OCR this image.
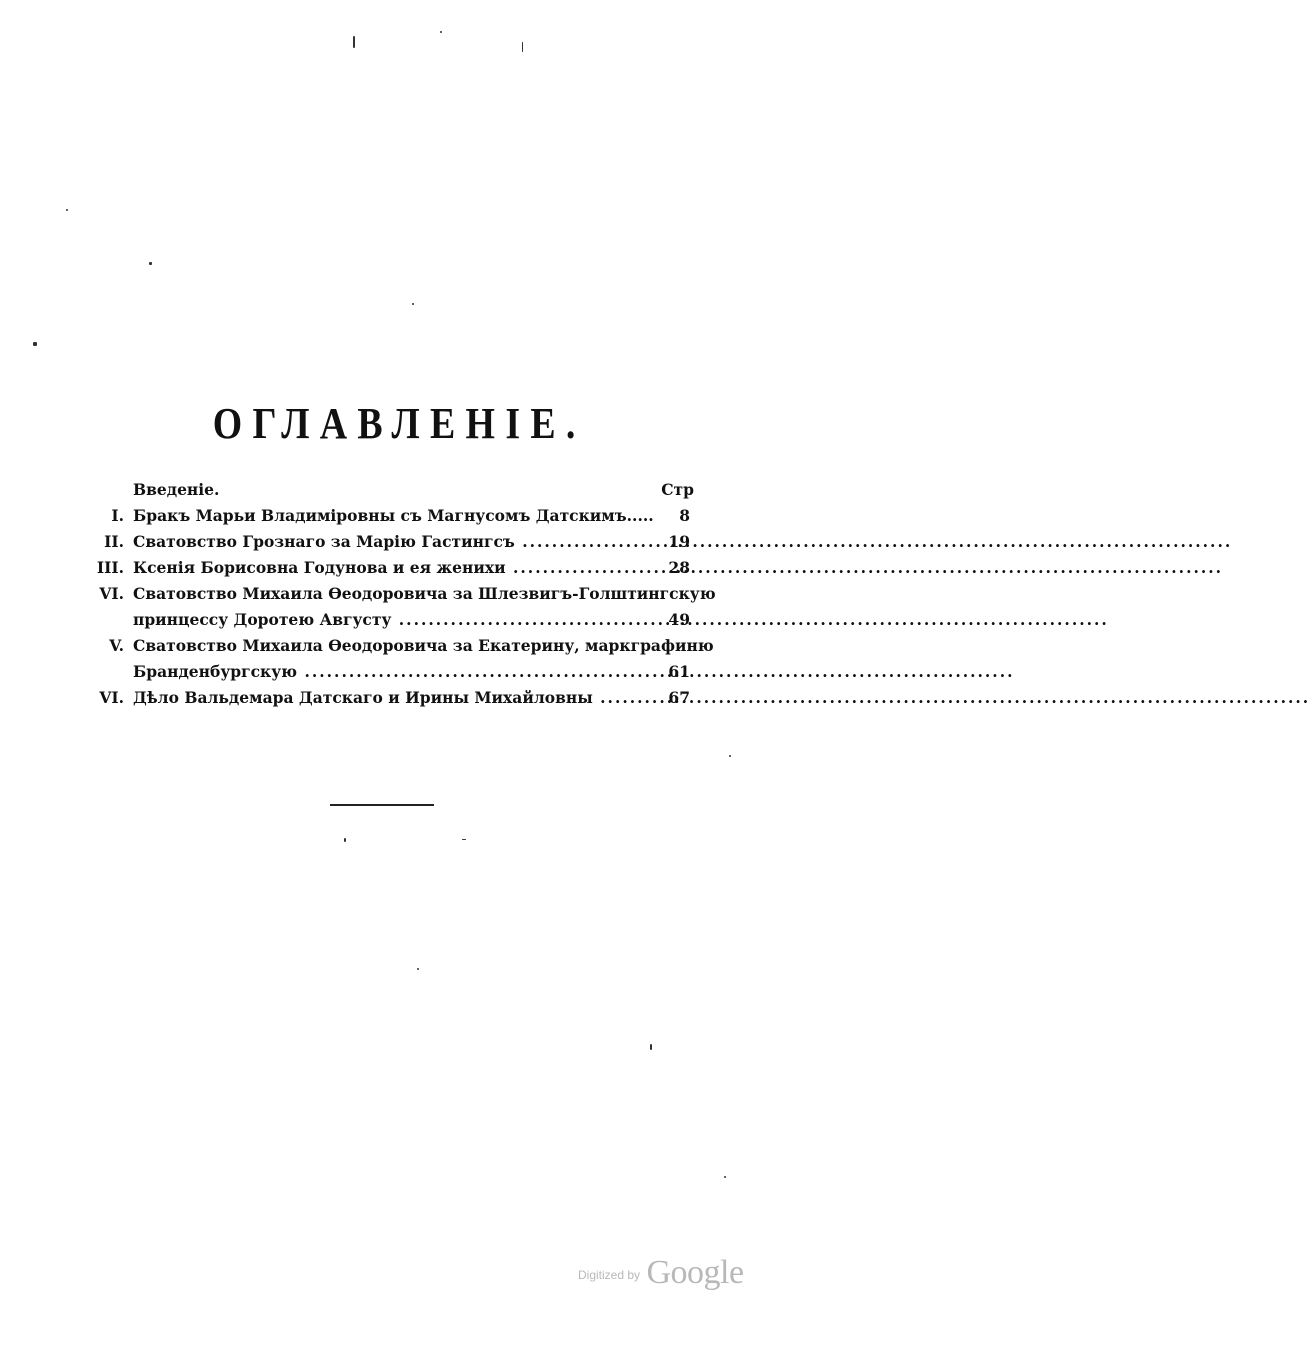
ОГЛАВЛЕНІЕ.
Введеніе.	Стр
I. Бракъ Марьи Владиміровны съ Магнусомъ Датскимъ.....	8
II. Сватовство Грознаго за Марію Гастингсъ .....	19
III. Ксенія Борисовна Годунова и ея женихи .....	28
VI. Сватовство Михаила Ѳеодоровича за Шлезвигъ-Голштингскую
принцессу Доротею Августу .....	49
V. Сватовство Михаила Ѳеодоровича за Екатерину, маркграфиню
Бранденбургскую .....	61
VI. Дѣло Вальдемара Датскаго и Ирины Михайловны .....	67
$^{Digitized by}$ Google
